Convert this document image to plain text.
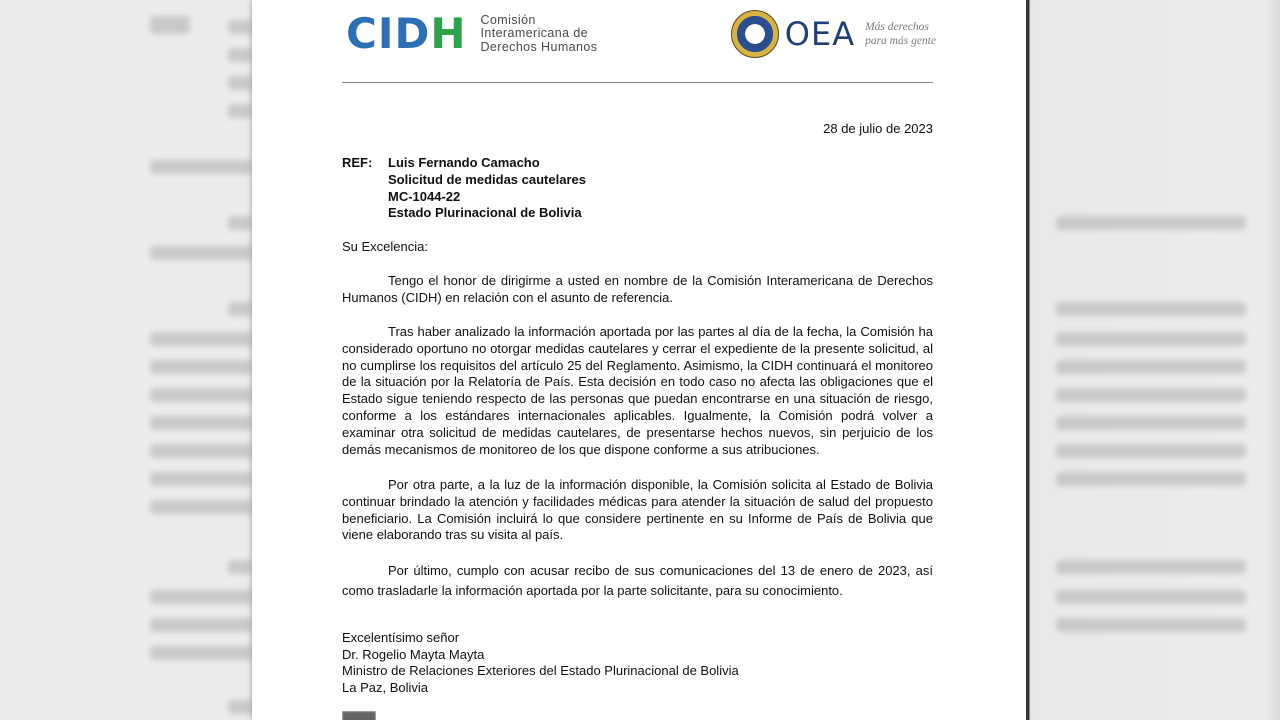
CIDH Comisión
Interamericana de
Derechos Humanos	OEA Más derechos
para más gente
28 de julio de 2023
REF:	Luis Fernando Camacho
Solicitud de medidas cautelares
MC-1044-22
Estado Plurinacional de Bolivia
Su Excelencia:
Tengo el honor de dirigirme a usted en nombre de la Comisión Interamericana de Derechos Humanos (CIDH) en relación con el asunto de referencia.
Tras haber analizado la información aportada por las partes al día de la fecha, la Comisión ha considerado oportuno no otorgar medidas cautelares y cerrar el expediente de la presente solicitud, al no cumplirse los requisitos del artículo 25 del Reglamento. Asimismo, la CIDH continuará el monitoreo de la situación por la Relatoría de País. Esta decisión en todo caso no afecta las obligaciones que el Estado sigue teniendo respecto de las personas que puedan encontrarse en una situación de riesgo, conforme a los estándares internacionales aplicables. Igualmente, la Comisión podrá volver a examinar otra solicitud de medidas cautelares, de presentarse hechos nuevos, sin perjuicio de los demás mecanismos de monitoreo de los que dispone conforme a sus atribuciones.
Por otra parte, a la luz de la información disponible, la Comisión solicita al Estado de Bolivia continuar brindado la atención y facilidades médicas para atender la situación de salud del propuesto beneficiario. La Comisión incluirá lo que considere pertinente en su Informe de País de Bolivia que viene elaborando tras su visita al país.
Por último, cumplo con acusar recibo de sus comunicaciones del 13 de enero de 2023, así como trasladarle la información aportada por la parte solicitante, para su conocimiento.
Excelentísimo señor
Dr. Rogelio Mayta Mayta
Ministro de Relaciones Exteriores del Estado Plurinacional de Bolivia
La Paz, Bolivia
